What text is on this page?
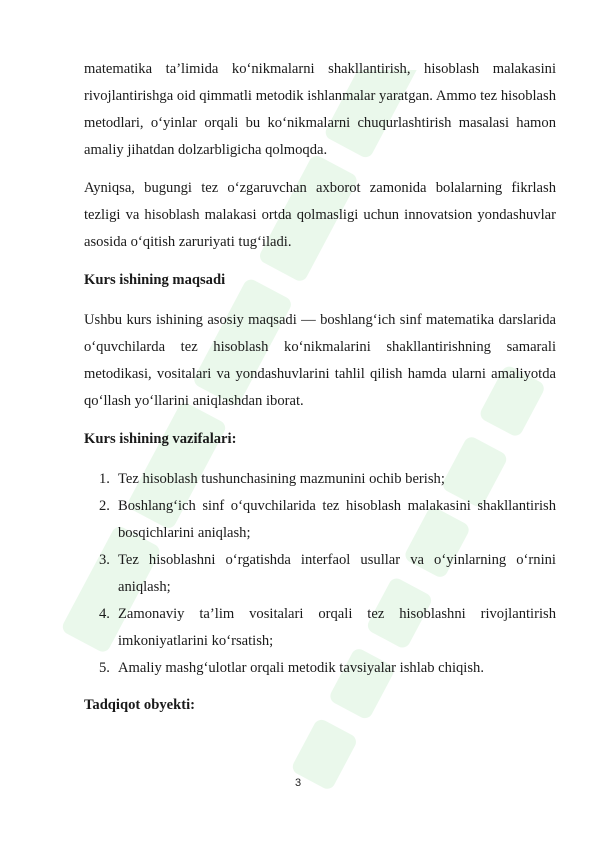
matematika ta’limida ko‘nikmalarni shakllantirish, hisoblash malakasini rivojlantirishga oid qimmatli metodik ishlanmalar yaratgan. Ammo tez hisoblash metodlari, o‘yinlar orqali bu ko‘nikmalarni chuqurlashtirish masalasi hamon amaliy jihatdan dolzarbligicha qolmoqda.

Ayniqsa, bugungi tez o‘zgaruvchan axborot zamonida bolalarning fikrlash tezligi va hisoblash malakasi ortda qolmasligi uchun innovatsion yondashuvlar asosida o‘qitish zaruriyati tug‘iladi.

Kurs ishining maqsadi

Ushbu kurs ishining asosiy maqsadi — boshlang‘ich sinf matematika darslarida o‘quvchilarda tez hisoblash ko‘nikmalarini shakllantirishning samarali metodikasi, vositalari va yondashuvlarini tahlil qilish hamda ularni amaliyotda qo‘llash yo‘llarini aniqlashdan iborat.

Kurs ishining vazifalari:
1. Tez hisoblash tushunchasining mazmunini ochib berish;
2. Boshlang‘ich sinf o‘quvchilarida tez hisoblash malakasini shakllantirish bosqichlarini aniqlash;
3. Tez hisoblashni o‘rgatishda interfaol usullar va o‘yinlarning o‘rnini aniqlash;
4. Zamonaviy ta’lim vositalari orqali tez hisoblashni rivojlantirish imkoniyatlarini ko‘rsatish;
5. Amaliy mashg‘ulotlar orqali metodik tavsiyalar ishlab chiqish.
Tadqiqot obyekti:
3
